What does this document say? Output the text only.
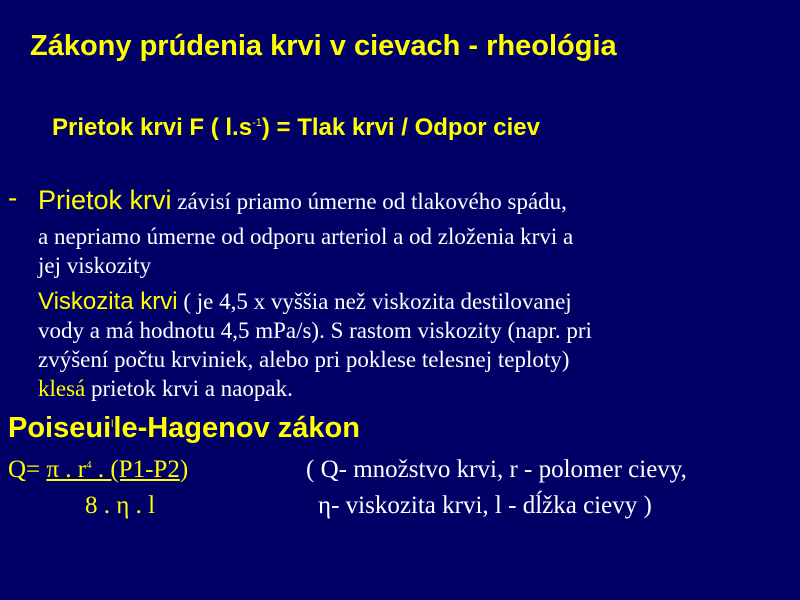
Zákony prúdenia krvi v cievach - rheológia
Prietok krvi F ( $l.s^{-1}$) = Tlak krvi / Odpor ciev
- Prietok krvi závisí priamo úmerne od tlakového spádu,
a nepriamo úmerne od odporu arteriol a od zloženia krvi a
jej viskozity
Viskozita krvi ( je 4,5 x vyššia než viskozita destilovanej
vody a má hodnotu 4,5 mPa/s). S rastom viskozity (napr. pri
zvýšení počtu krviniek, alebo pri poklese telesnej teploty)
klesá prietok krvi a naopak.
Poiseui$^l$le-Hagenov zákon
Q= π . $r^4$ . (P1-P2)	( Q- množstvo krvi, r - polomer cievy,
8 . η . l	η- viskozita krvi, l - dĺžka cievy )
